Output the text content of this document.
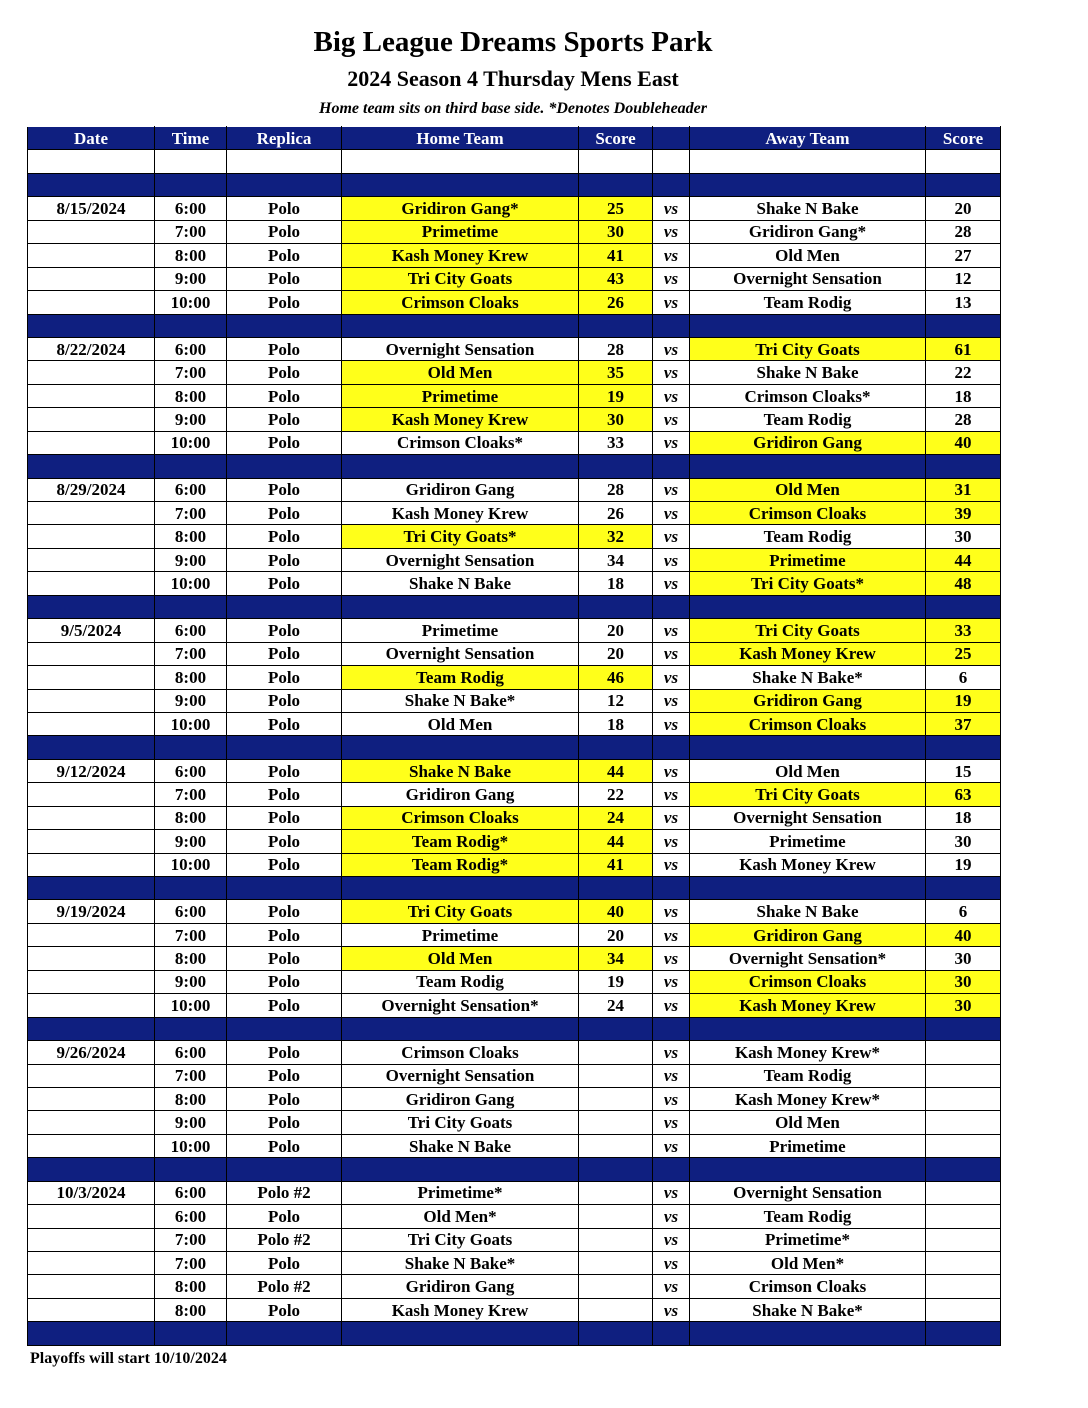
Big League Dreams Sports Park
2024 Season 4 Thursday Mens East
Home team sits on third base side. *Denotes Doubleheader
Date	Time	Replica	Home Team	Score		Away Team	Score

8/15/2024	6:00	Polo	Gridiron Gang*	25	vs	Shake N Bake	20
	7:00	Polo	Primetime	30	vs	Gridiron Gang*	28
	8:00	Polo	Kash Money Krew	41	vs	Old Men	27
	9:00	Polo	Tri City Goats	43	vs	Overnight Sensation	12
	10:00	Polo	Crimson Cloaks	26	vs	Team Rodig	13

8/22/2024	6:00	Polo	Overnight Sensation	28	vs	Tri City Goats	61
	7:00	Polo	Old Men	35	vs	Shake N Bake	22
	8:00	Polo	Primetime	19	vs	Crimson Cloaks*	18
	9:00	Polo	Kash Money Krew	30	vs	Team Rodig	28
	10:00	Polo	Crimson Cloaks*	33	vs	Gridiron Gang	40

8/29/2024	6:00	Polo	Gridiron Gang	28	vs	Old Men	31
	7:00	Polo	Kash Money Krew	26	vs	Crimson Cloaks	39
	8:00	Polo	Tri City Goats*	32	vs	Team Rodig	30
	9:00	Polo	Overnight Sensation	34	vs	Primetime	44
	10:00	Polo	Shake N Bake	18	vs	Tri City Goats*	48

9/5/2024	6:00	Polo	Primetime	20	vs	Tri City Goats	33
	7:00	Polo	Overnight Sensation	20	vs	Kash Money Krew	25
	8:00	Polo	Team Rodig	46	vs	Shake N Bake*	6
	9:00	Polo	Shake N Bake*	12	vs	Gridiron Gang	19
	10:00	Polo	Old Men	18	vs	Crimson Cloaks	37

9/12/2024	6:00	Polo	Shake N Bake	44	vs	Old Men	15
	7:00	Polo	Gridiron Gang	22	vs	Tri City Goats	63
	8:00	Polo	Crimson Cloaks	24	vs	Overnight Sensation	18
	9:00	Polo	Team Rodig*	44	vs	Primetime	30
	10:00	Polo	Team Rodig*	41	vs	Kash Money Krew	19

9/19/2024	6:00	Polo	Tri City Goats	40	vs	Shake N Bake	6
	7:00	Polo	Primetime	20	vs	Gridiron Gang	40
	8:00	Polo	Old Men	34	vs	Overnight Sensation*	30
	9:00	Polo	Team Rodig	19	vs	Crimson Cloaks	30
	10:00	Polo	Overnight Sensation*	24	vs	Kash Money Krew	30

9/26/2024	6:00	Polo	Crimson Cloaks		vs	Kash Money Krew*	
	7:00	Polo	Overnight Sensation		vs	Team Rodig	
	8:00	Polo	Gridiron Gang		vs	Kash Money Krew*	
	9:00	Polo	Tri City Goats		vs	Old Men	
	10:00	Polo	Shake N Bake		vs	Primetime	

10/3/2024	6:00	Polo #2	Primetime*		vs	Overnight Sensation	
	6:00	Polo	Old Men*		vs	Team Rodig	
	7:00	Polo #2	Tri City Goats		vs	Primetime*	
	7:00	Polo	Shake N Bake*		vs	Old Men*	
	8:00	Polo #2	Gridiron Gang		vs	Crimson Cloaks	
	8:00	Polo	Kash Money Krew		vs	Shake N Bake*	

Playoffs will start 10/10/2024
